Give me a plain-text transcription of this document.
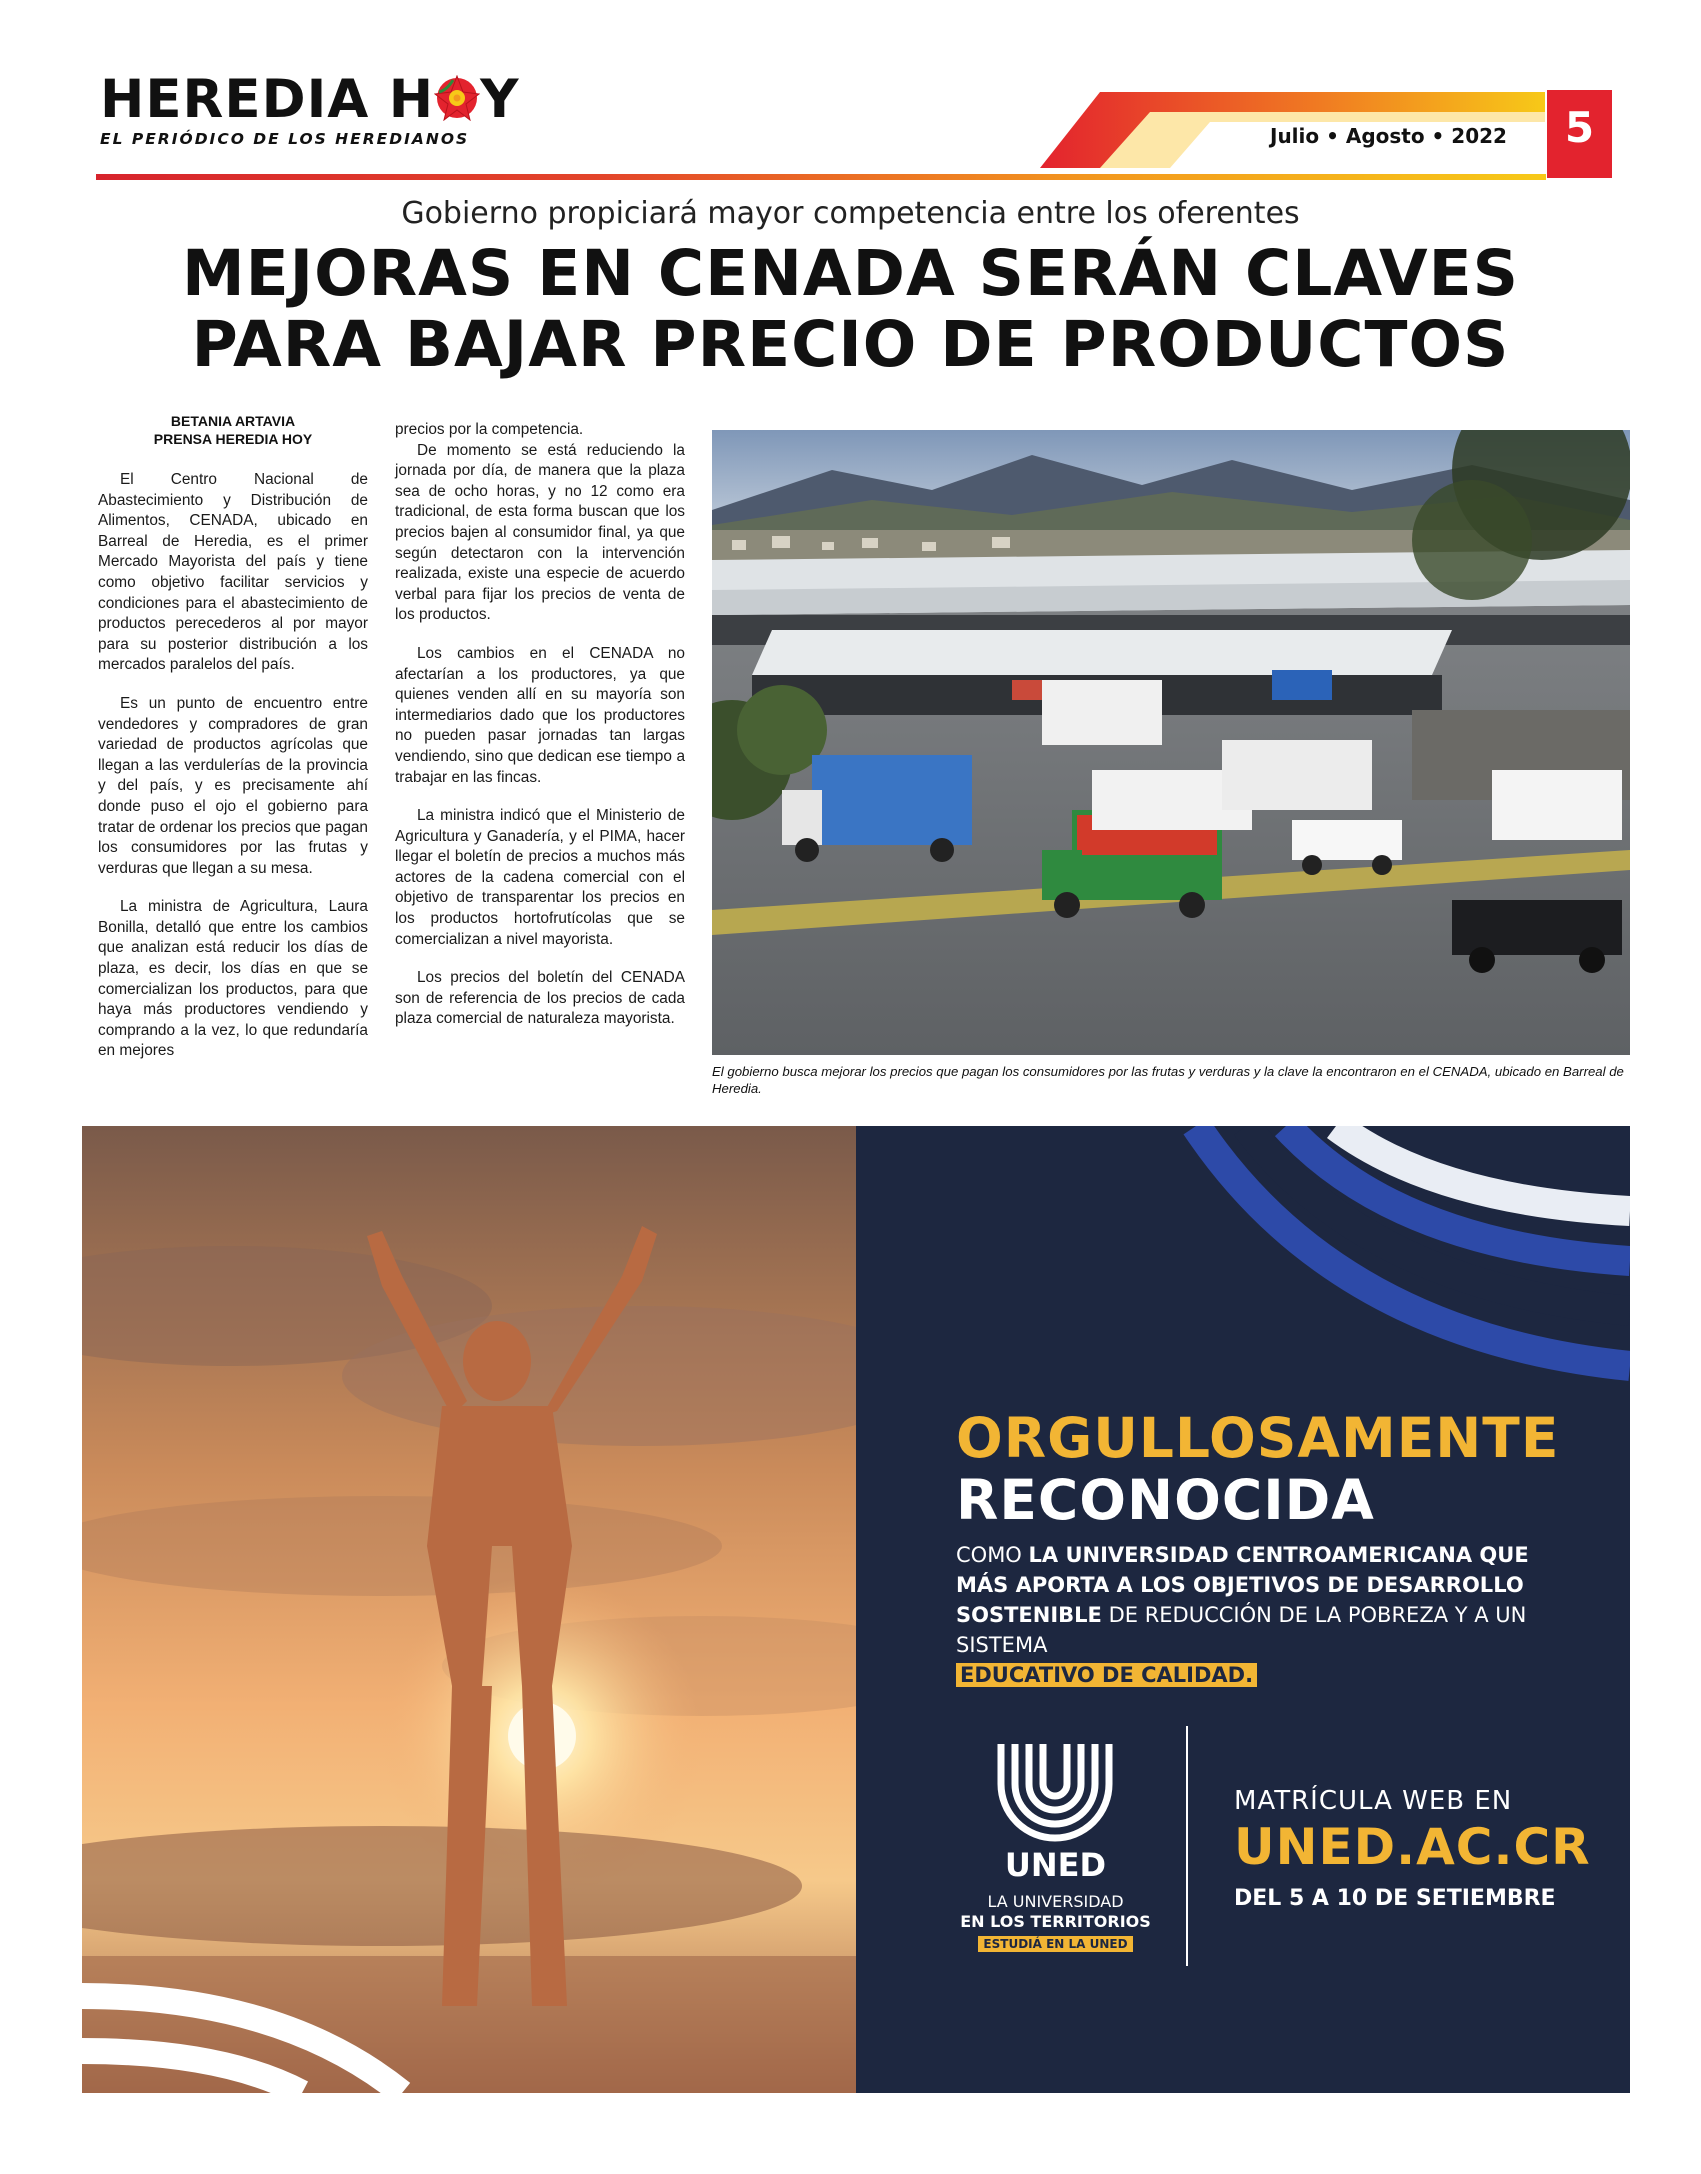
HEREDIA H Y
EL PERIÓDICO DE LOS HEREDIANOS	Julio • Agosto • 2022	5
Gobierno propiciará mayor competencia entre los oferentes
MEJORAS EN CENADA SERÁN CLAVES
PARA BAJAR PRECIO DE PRODUCTOS
BETANIA ARTAVIA
PRENSA HEREDIA HOY

El Centro Nacional de Abastecimiento y Distribución de Alimentos, CENADA, ubicado en Barreal de Heredia, es el primer Mercado Mayorista del país y tiene como objetivo facilitar servicios y condiciones para el abastecimiento de productos perecederos al por mayor para su posterior distribución a los mercados paralelos del país.

Es un punto de encuentro entre vendedores y compradores de gran variedad de productos agrícolas que llegan a las verdulerías de la provincia y del país, y es precisamente ahí donde puso el ojo el gobierno para tratar de ordenar los precios que pagan los consumidores por las frutas y verduras que llegan a su mesa.

La ministra de Agricultura, Laura Bonilla, detalló que entre los cambios que analizan está reducir los días de plaza, es decir, los días en que se comercializan los productos, para que haya más productores vendiendo y comprando a la vez, lo que redundaría en mejores

precios por la competencia.

De momento se está reduciendo la jornada por día, de manera que la plaza sea de ocho horas, y no 12 como era tradicional, de esta forma buscan que los precios bajen al consumidor final, ya que según detectaron con la intervención realizada, existe una especie de acuerdo verbal para fijar los precios de venta de los productos.

Los cambios en el CENADA no afectarían a los productores, ya que quienes venden allí en su mayoría son intermediarios dado que los productores no pueden pasar jornadas tan largas vendiendo, sino que dedican ese tiempo a trabajar en las fincas.

La ministra indicó que el Ministerio de Agricultura y Ganadería, y el PIMA, hacer llegar el boletín de precios a muchos más actores de la cadena comercial con el objetivo de transparentar los precios en los productos hortofrutícolas que se comercializan a nivel mayorista.

Los precios del boletín del CENADA son de referencia de los precios de cada plaza comercial de naturaleza mayorista.

El gobierno busca mejorar los precios que pagan los consumidores por las frutas y verduras y la clave la encontraron en el CENADA, ubicado en Barreal de Heredia.
ORGULLOSAMENTE
RECONOCIDA
COMO LA UNIVERSIDAD CENTROAMERICANA QUE MÁS APORTA A LOS OBJETIVOS DE DESARROLLO SOSTENIBLE DE REDUCCIÓN DE LA POBREZA Y A UN SISTEMA
EDUCATIVO DE CALIDAD.
UNED
LA UNIVERSIDAD
EN LOS TERRITORIOS
ESTUDIÁ EN LA UNED
MATRÍCULA WEB EN
UNED.AC.CR
DEL 5 A 10 DE SETIEMBRE
